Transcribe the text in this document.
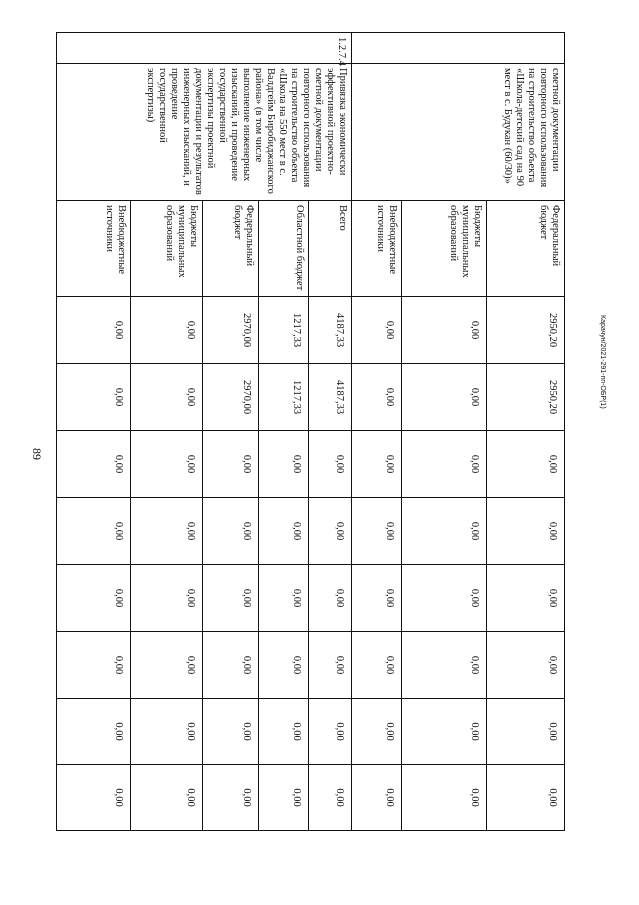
89
Карачун/2021-291-пп-ОБР(1)
	сметной документации повторного использования на строительство объекта «Школа-детский сад на 90 мест в с. Будукан (60/30)»	Федеральный бюджет	2950,20	2950,20	0,00	0,00	0,00	0,00	0,00	0,00
		Бюджеты муниципальных образований	0,00	0,00	0,00	0,00	0,00	0,00	0,00	0,00
		Внебюджетные источники	0,00	0,00	0,00	0,00	0,00	0,00	0,00	0,00
1.2.7.4	Привязка экономически эффективной проектно-сметной документации повторного использования на строительство объекта «Школа на 550 мест в с. Валдгейм Биробиджанского района» (в том числе выполнение инженерных изысканий, и проведение государственной экспертизы проектной документации и результатов инженерных изысканий, и проведение государственной экспертизы)	Всего	4187,33	4187,33	0,00	0,00	0,00	0,00	0,00	0,00
		Областной бюджет	1217,33	1217,33	0,00	0,00	0,00	0,00	0,00	0,00
		Федеральный бюджет	2970,00	2970,00	0,00	0,00	0,00	0,00	0,00	0,00
		Бюджеты муниципальных образований	0,00	0,00	0,00	0,00	0,00	0,00	0,00	0,00
		Внебюджетные источники	0,00	0,00	0,00	0,00	0,00	0,00	0,00	0,00
